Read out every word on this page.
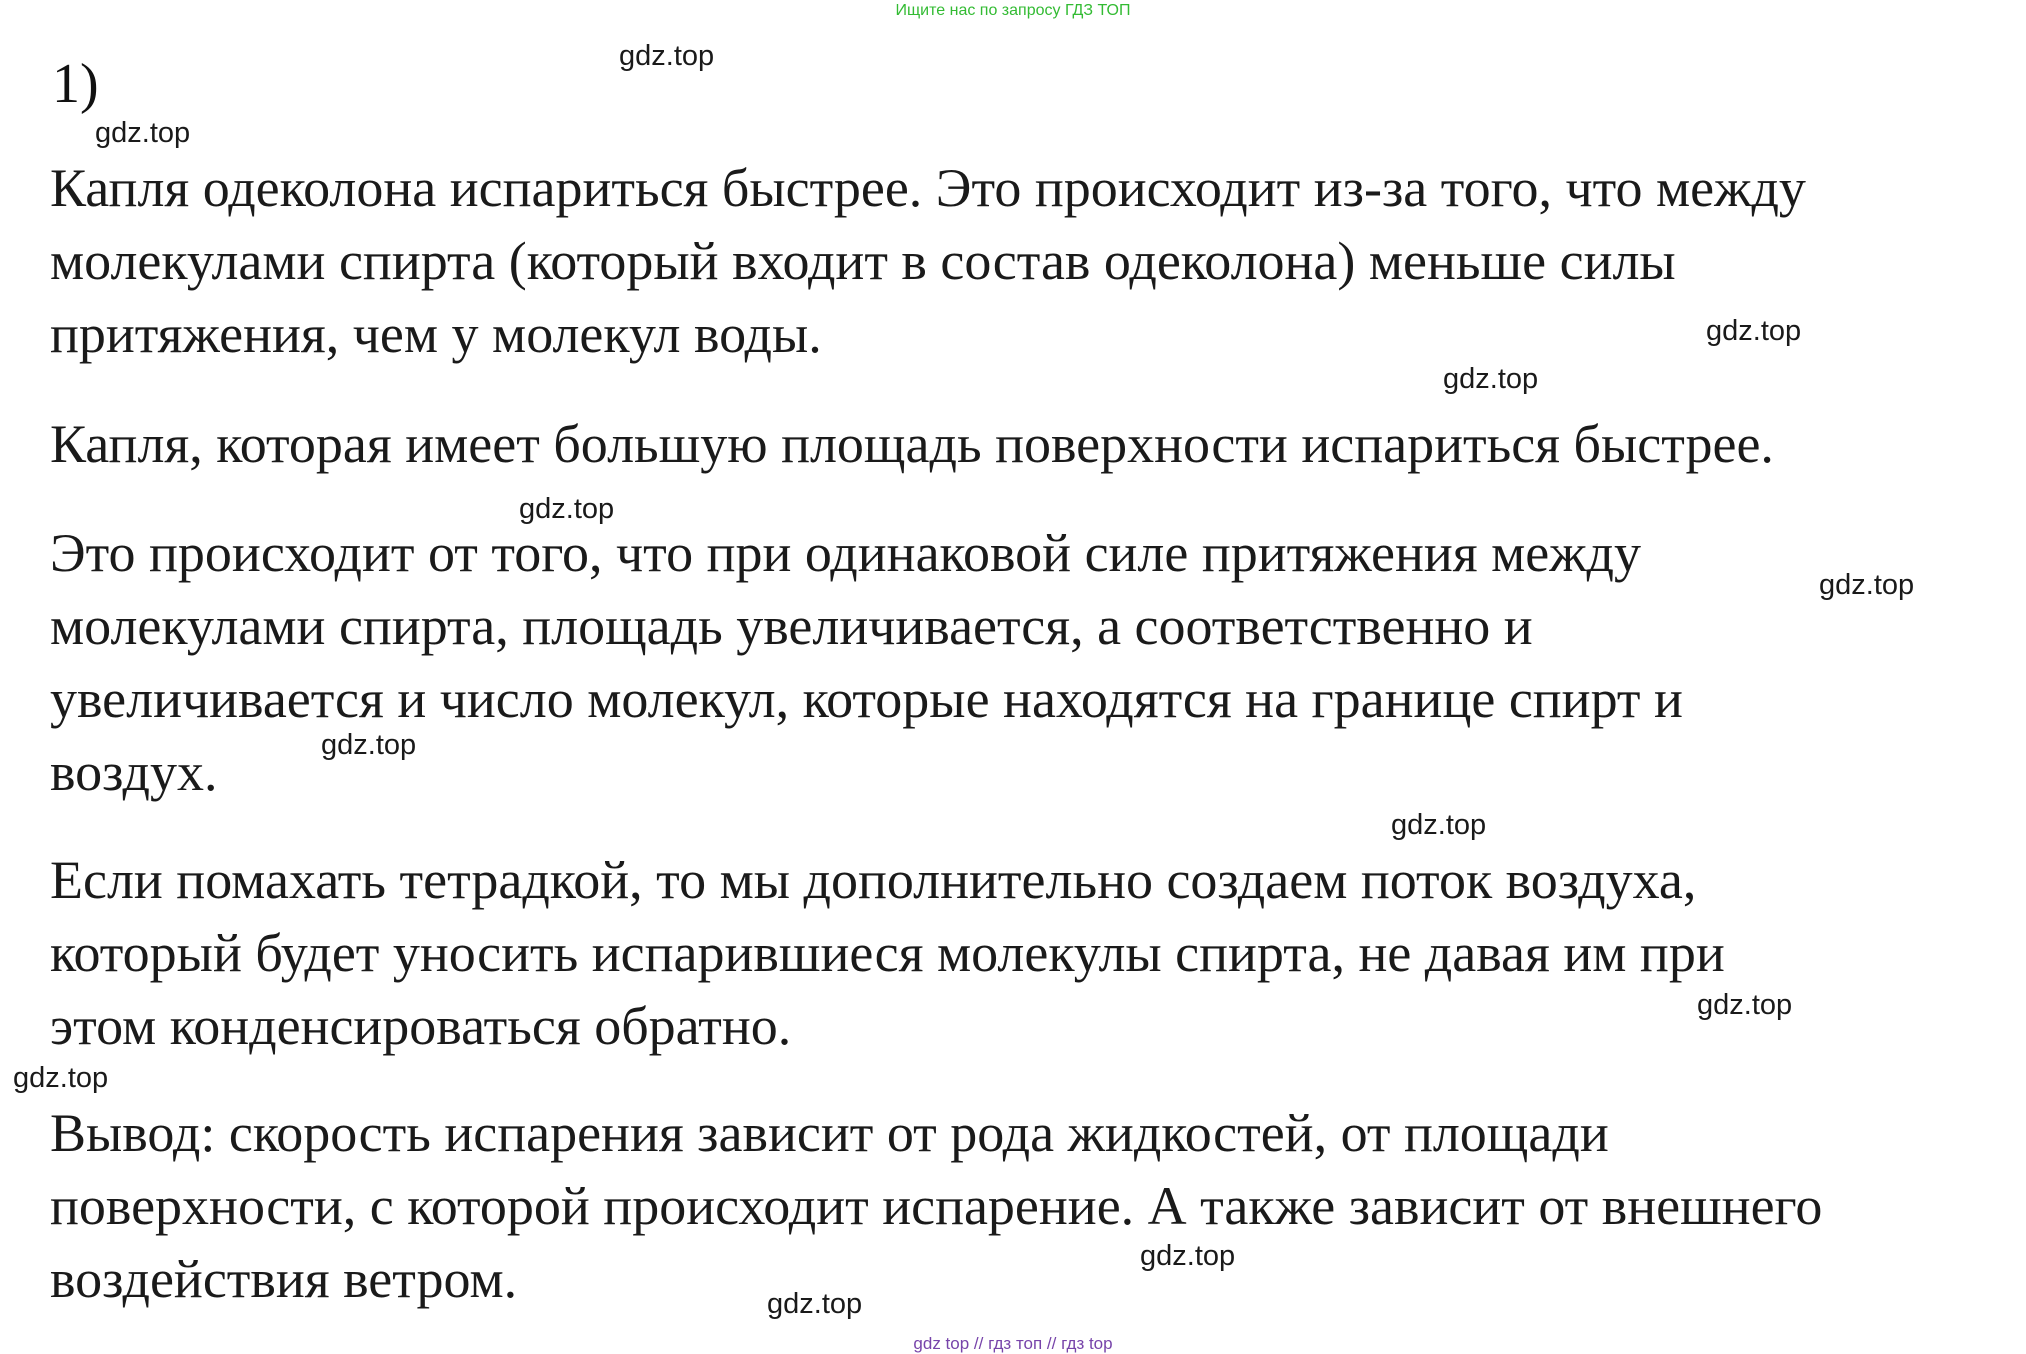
Ищите нас по запросу ГДЗ ТОП
1)
Капля одеколона испариться быстрее. Это происходит из-за того, что между
молекулами спирта (который входит в состав одеколона) меньше силы
притяжения, чем у молекул воды.
Капля, которая имеет большую площадь поверхности испариться быстрее.
Это происходит от того, что при одинаковой силе притяжения между
молекулами спирта, площадь увеличивается, а соответственно и
увеличивается и число молекул, которые находятся на границе спирт и
воздух.
Если помахать тетрадкой, то мы дополнительно создаем поток воздуха,
который будет уносить испарившиеся молекулы спирта, не давая им при
этом конденсироваться обратно.
Вывод: скорость испарения зависит от рода жидкостей, от площади
поверхности, с которой происходит испарение. А также зависит от внешнего
воздействия ветром.
gdz.top
gdz.top
gdz.top
gdz.top
gdz.top
gdz.top
gdz.top
gdz.top
gdz.top
gdz.top
gdz.top
gdz.top
gdz top // гдз топ // гдз top
